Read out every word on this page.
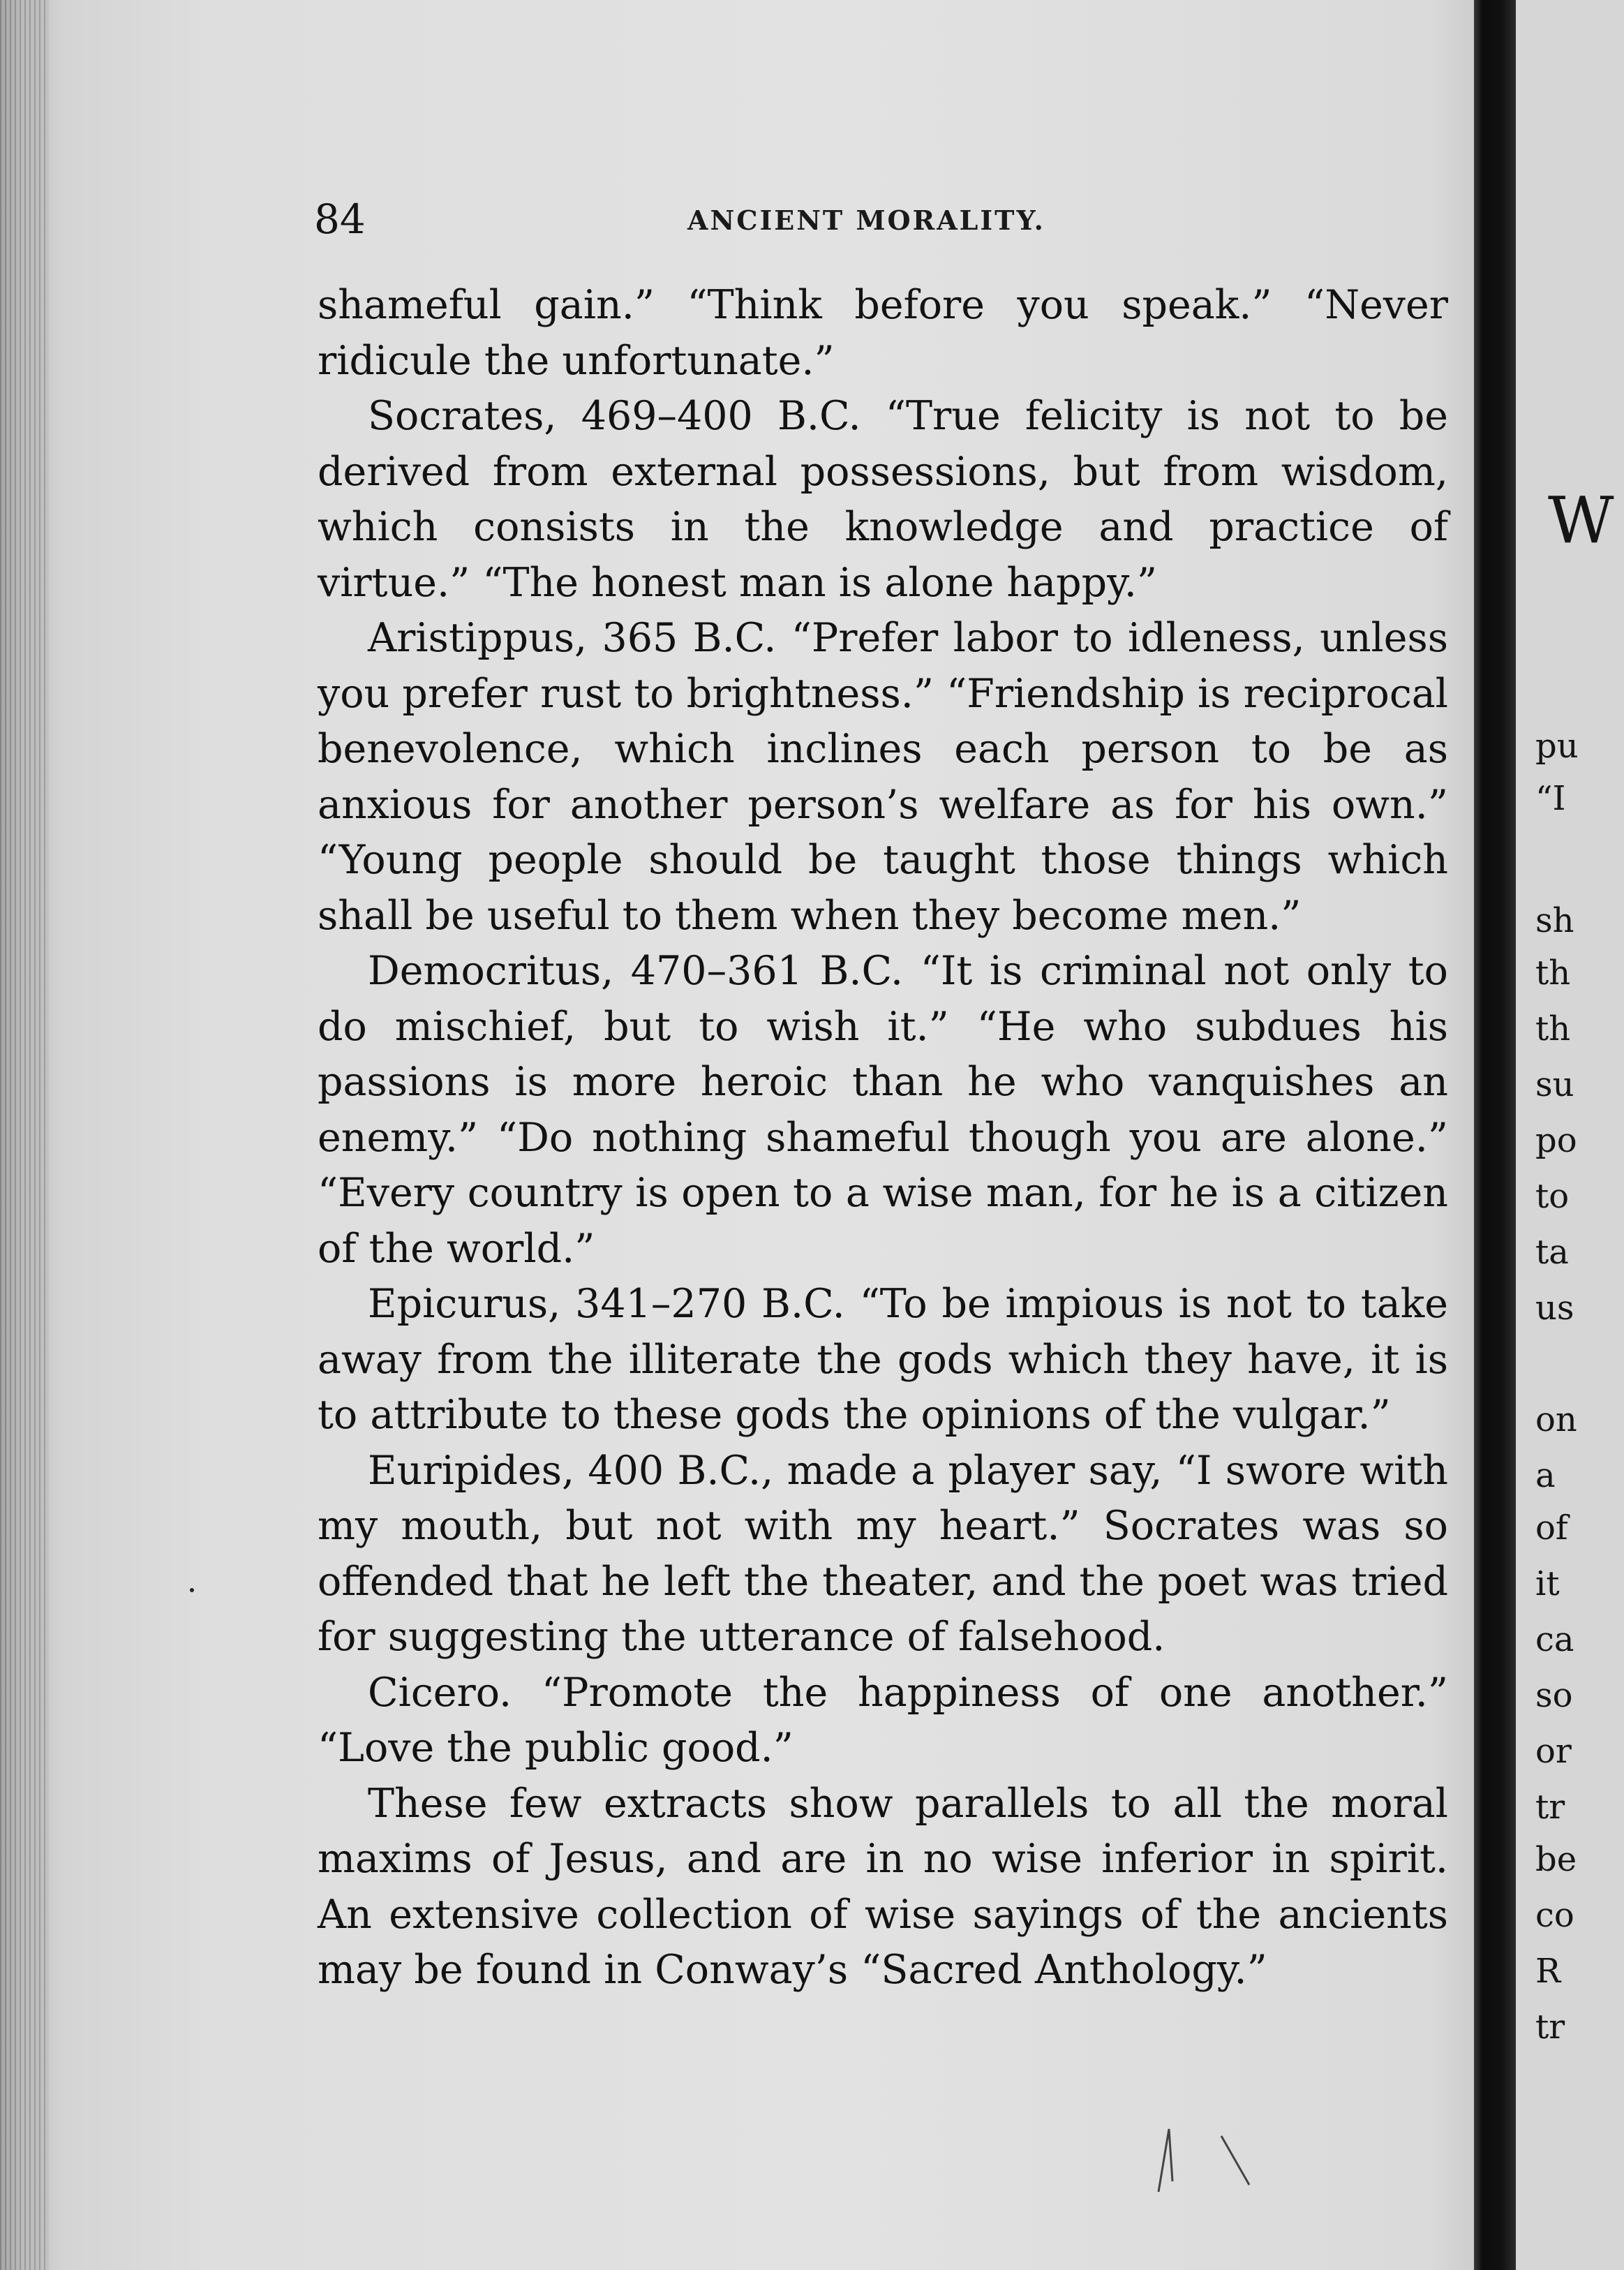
84	ANCIENT MORALITY.

shameful gain.” “Think before you speak.” “Never ridicule the unfortunate.”

Socrates, 469–400 B.C. “True felicity is not to be derived from external possessions, but from wisdom, which consists in the knowledge and practice of virtue.” “The honest man is alone happy.”

Aristippus, 365 B.C. “Prefer labor to idleness, unless you prefer rust to brightness.” “Friendship is reciprocal benevolence, which inclines each person to be as anxious for another person’s welfare as for his own.” “Young people should be taught those things which shall be useful to them when they become men.”

Democritus, 470–361 B.C. “It is criminal not only to do mischief, but to wish it.” “He who subdues his passions is more heroic than he who vanquishes an enemy.” “Do nothing shameful though you are alone.” “Every country is open to a wise man, for he is a citizen of the world.”

Epicurus, 341–270 B.C. “To be impious is not to take away from the illiterate the gods which they have, it is to attribute to these gods the opinions of the vulgar.”

Euripides, 400 B.C., made a player say, “I swore with my mouth, but not with my heart.” Socrates was so offended that he left the theater, and the poet was tried for suggesting the utterance of falsehood.

Cicero. “Promote the happiness of one another.” “Love the public good.”

These few extracts show parallels to all the moral maxims of Jesus, and are in no wise inferior in spirit. An extensive collection of wise sayings of the ancients may be found in Conway’s “Sacred Anthology.”

W
pu
“I
sh
th
th
su
po
to
ta
us
on
a
of
it
ca
so
or
tr
be
co
R
tr
